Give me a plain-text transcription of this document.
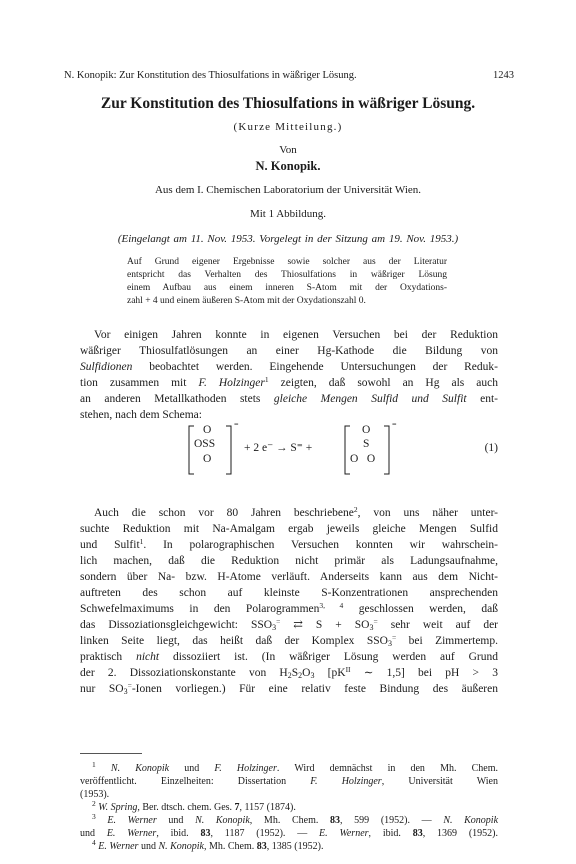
N. Konopik: Zur Konstitution des Thiosulfations in wäßriger Lösung.	1243
Zur Konstitution des Thiosulfations in wäßriger Lösung.
(Kurze Mitteilung.)
Von
N. Konopik.
Aus dem I. Chemischen Laboratorium der Universität Wien.
Mit 1 Abbildung.
(Eingelangt am 11. Nov. 1953. Vorgelegt in der Sitzung am 19. Nov. 1953.)
Auf Grund eigener Ergebnisse sowie solcher aus der Literatur
entspricht das Verhalten des Thiosulfations in wäßriger Lösung
einem Aufbau aus einem inneren S-Atom mit der Oxydations-
zahl + 4 und einem äußeren S-Atom mit der Oxydationszahl 0.
Vor einigen Jahren konnte in eigenen Versuchen bei der Reduktion
wäßriger Thiosulfatlösungen an einer Hg-Kathode die Bildung von
Sulfidionen beobachtet werden. Eingehende Untersuchungen der Reduk-
tion zusammen mit F. Holzinger$^1$ zeigten, daß sowohl an Hg als auch
an anderen Metallkathoden stets gleiche Mengen Sulfid und Sulfit ent-
stehen, nach dem Schema:
Auch die schon vor 80 Jahren beschriebene$^2$, von uns näher unter-
suchte Reduktion mit Na-Amalgam ergab jeweils gleiche Mengen Sulfid
und Sulfit$^1$. In polarographischen Versuchen konnten wir wahrschein-
lich machen, daß die Reduktion nicht primär als Ladungsaufnahme,
sondern über Na- bzw. H-Atome verläuft. Anderseits kann aus dem Nicht-
auftreten des schon auf kleinste S-Konzentrationen ansprechenden
Schwefelmaximums in den Polarogrammen$^{3, 4}$ geschlossen werden, daß
das Dissoziationsgleichgewicht: $SSO_3^=$ ⇄ $S + SO_3^=$ sehr weit auf der
linken Seite liegt, das heißt daß der Komplex $SSO_3^=$ bei Zimmertemp.
praktisch nicht dissoziiert ist. (In wäßriger Lösung werden auf Grund
der 2. Dissoziationskonstante von $H_2S_2O_3$ [$pK^{II}$ ∼ 1,5] bei pH > 3
nur $SO_3^=$-Ionen vorliegen.) Für eine relativ feste Bindung des äußeren
O
OSS
O
=
+ 2 e⁻ → S⁼ +
O
S
O   O
=
(1)
$^1$ N. Konopik und F. Holzinger. Wird demnächst in den Mh. Chem.
veröffentlicht. Einzelheiten: Dissertation F. Holzinger, Universität Wien
(1953).
$^2$ W. Spring, Ber. dtsch. chem. Ges. 7, 1157 (1874).
$^3$ E. Werner und N. Konopik, Mh. Chem. 83, 599 (1952). — N. Konopik
und E. Werner, ibid. 83, 1187 (1952). — E. Werner, ibid. 83, 1369 (1952).
$^4$ E. Werner und N. Konopik, Mh. Chem. 83, 1385 (1952).
